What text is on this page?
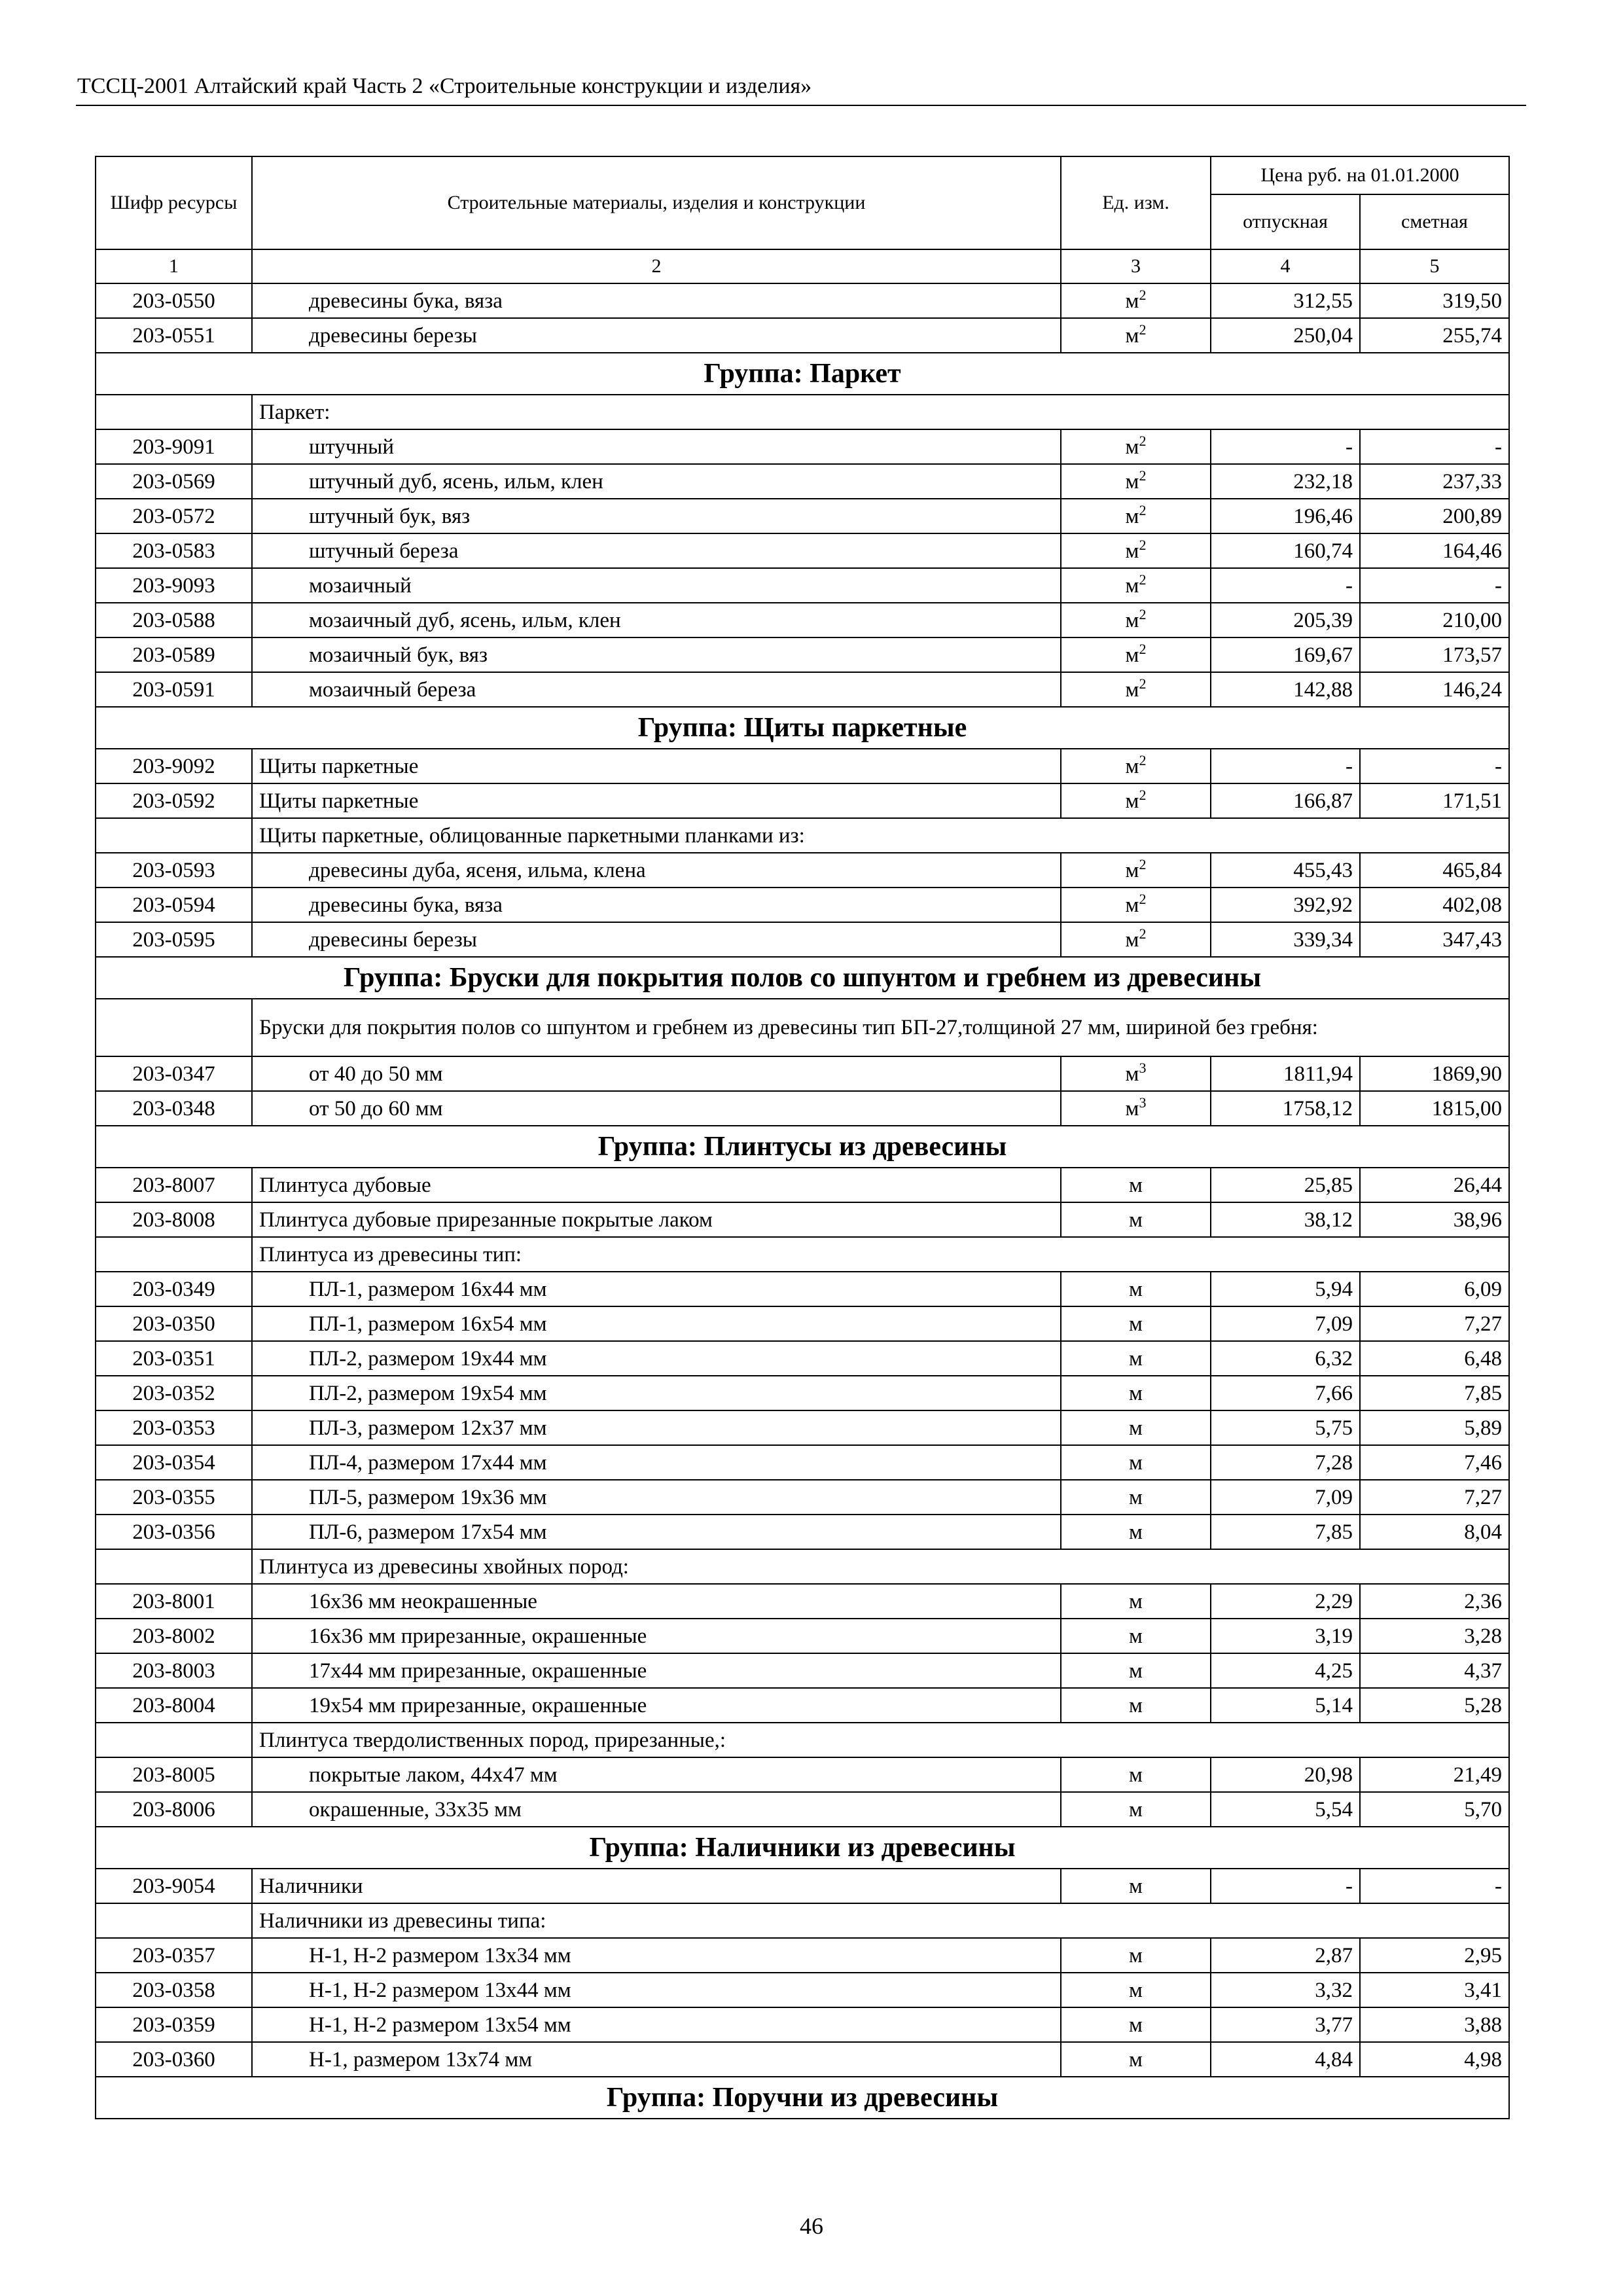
ТССЦ-2001 Алтайский край Часть 2 «Строительные конструкции и изделия»
Шифр ресурсы	Строительные материалы, изделия и конструкции	Ед. изм.	Цена руб. на 01.01.2000	
			отпускная	сметная
1	2	3	4	5
203-0550	древесины бука, вяза	$м^2$	312,55	319,50
203-0551	древесины березы	$м^2$	250,04	255,74
Группа: Паркет				
	Паркет:			
203-9091	штучный	$м^2$	-	-
203-0569	штучный дуб, ясень, ильм, клен	$м^2$	232,18	237,33
203-0572	штучный бук, вяз	$м^2$	196,46	200,89
203-0583	штучный береза	$м^2$	160,74	164,46
203-9093	мозаичный	$м^2$	-	-
203-0588	мозаичный дуб, ясень, ильм, клен	$м^2$	205,39	210,00
203-0589	мозаичный бук, вяз	$м^2$	169,67	173,57
203-0591	мозаичный береза	$м^2$	142,88	146,24
Группа: Щиты паркетные				
203-9092	Щиты паркетные	$м^2$	-	-
203-0592	Щиты паркетные	$м^2$	166,87	171,51
	Щиты паркетные, облицованные паркетными планками из:			
203-0593	древесины дуба, ясеня, ильма, клена	$м^2$	455,43	465,84
203-0594	древесины бука, вяза	$м^2$	392,92	402,08
203-0595	древесины березы	$м^2$	339,34	347,43
Группа: Бруски для покрытия полов со шпунтом и гребнем из древесины				
	Бруски для покрытия полов со шпунтом и гребнем из древесины тип БП-27,толщиной 27 мм, шириной без гребня:			
203-0347	от 40 до 50 мм	$м^3$	1811,94	1869,90
203-0348	от 50 до 60 мм	$м^3$	1758,12	1815,00
Группа: Плинтусы из древесины				
203-8007	Плинтуса дубовые	м	25,85	26,44
203-8008	Плинтуса дубовые прирезанные покрытые лаком	м	38,12	38,96
	Плинтуса из древесины тип:			
203-0349	ПЛ-1, размером 16х44 мм	м	5,94	6,09
203-0350	ПЛ-1, размером 16х54 мм	м	7,09	7,27
203-0351	ПЛ-2, размером 19х44 мм	м	6,32	6,48
203-0352	ПЛ-2, размером 19х54 мм	м	7,66	7,85
203-0353	ПЛ-3, размером 12х37 мм	м	5,75	5,89
203-0354	ПЛ-4, размером 17х44 мм	м	7,28	7,46
203-0355	ПЛ-5, размером 19х36 мм	м	7,09	7,27
203-0356	ПЛ-6, размером 17х54 мм	м	7,85	8,04
	Плинтуса из древесины хвойных пород:			
203-8001	16х36 мм неокрашенные	м	2,29	2,36
203-8002	16х36 мм прирезанные, окрашенные	м	3,19	3,28
203-8003	17х44 мм прирезанные, окрашенные	м	4,25	4,37
203-8004	19х54 мм прирезанные, окрашенные	м	5,14	5,28
	Плинтуса твердолиственных пород, прирезанные,:			
203-8005	покрытые лаком, 44х47 мм	м	20,98	21,49
203-8006	окрашенные, 33х35 мм	м	5,54	5,70
Группа: Наличники из древесины				
203-9054	Наличники	м	-	-
	Наличники из древесины типа:			
203-0357	Н-1, Н-2 размером 13х34 мм	м	2,87	2,95
203-0358	Н-1, Н-2 размером 13х44 мм	м	3,32	3,41
203-0359	Н-1, Н-2 размером 13х54 мм	м	3,77	3,88
203-0360	Н-1, размером 13х74 мм	м	4,84	4,98
Группа: Поручни из древесины				
46
